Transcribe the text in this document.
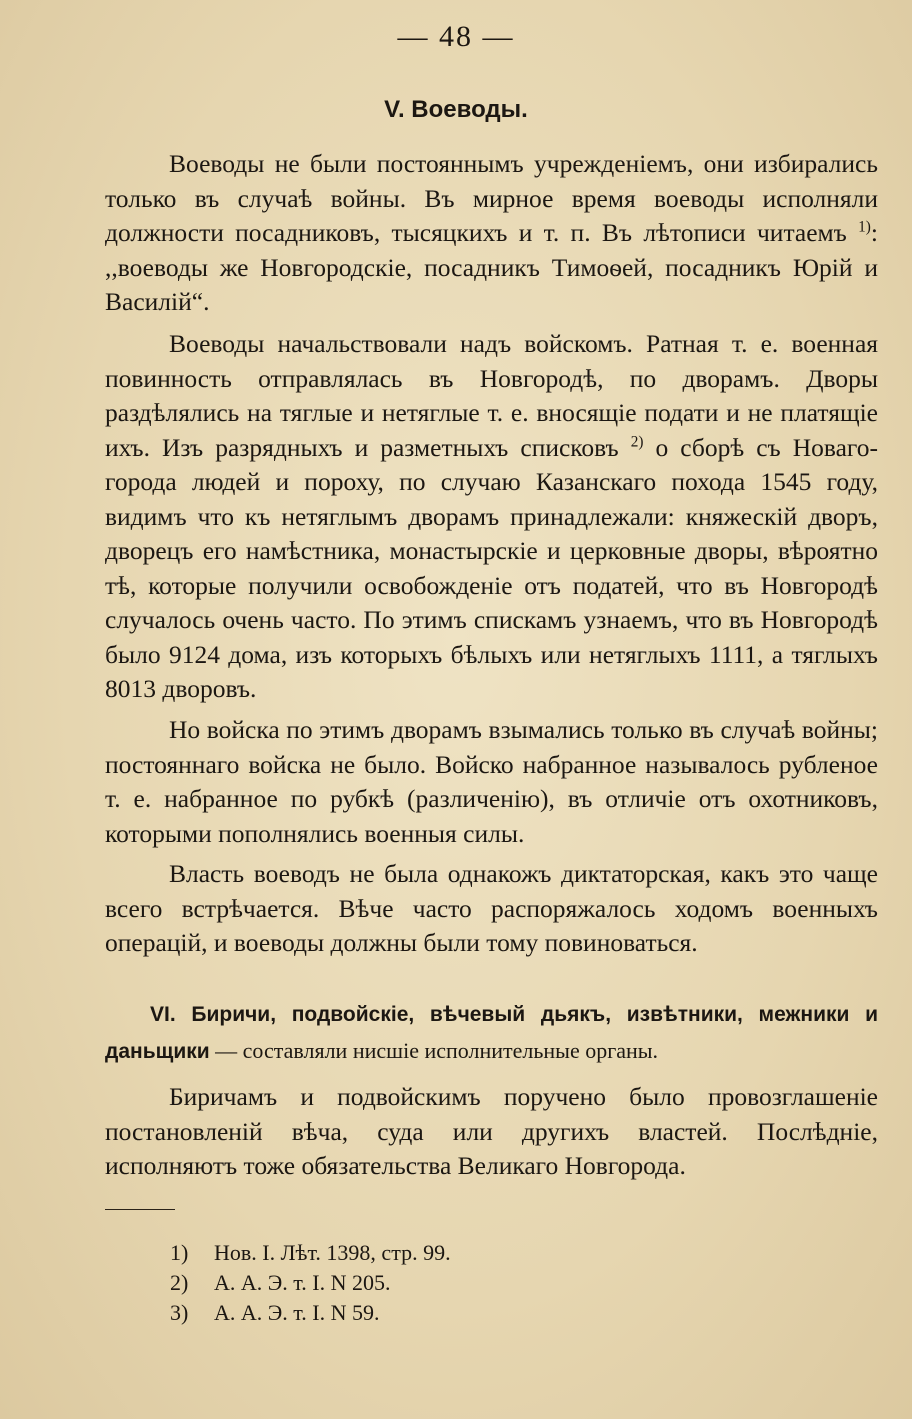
— 48 —
V. Воеводы.

Воеводы не были постояннымъ учрежденіемъ, они избирались только въ случаѣ войны. Въ мирное время воеводы исполняли должности посадниковъ, тысяцкихъ и т. п. Въ лѣтописи читаемъ $^{1)}$: ,,воеводы же Новгородскіе, посадникъ Тимоѳей, посадникъ Юрій и Василій“.

Воеводы начальствовали надъ войскомъ. Ратная т. е. военная повинность отправлялась въ Новгородѣ, по дворамъ. Дворы раздѣлялись на тяглые и нетяглые т. е. вносящіе подати и не платящіе ихъ. Изъ разрядныхъ и разметныхъ списковъ $^{2)}$ о сборѣ съ Новаго-города людей и пороху, по случаю Казанскаго похода 1545 году, видимъ что къ нетяглымъ дворамъ принадлежали: княжескій дворъ, дворецъ его намѣстника, монастырскіе и церковные дворы, вѣроятно тѣ, которые получили освобожденіе отъ податей, что въ Новгородѣ случалось очень часто. По этимъ спискамъ узнаемъ, что въ Новгородѣ было 9124 дома, изъ которыхъ бѣлыхъ или нетяглыхъ 1111, а тяглыхъ 8013 дворовъ.

Но войска по этимъ дворамъ взымались только въ случаѣ войны; постояннаго войска не было. Войско набранное называлось рубленое т. е. набранное по рубкѣ (различенію), въ отличіе отъ охотниковъ, которыми пополнялись военныя силы.

Власть воеводъ не была однакожъ диктаторская, какъ это чаще всего встрѣчается. Вѣче часто распоряжалось ходомъ военныхъ операцій, и воеводы должны были тому повиноваться.

VI. Биричи, подвойскіе, вѣчевый дьякъ, извѣтники, межники и даньщики — составляли нисшіе исполнительные органы.

Биричамъ и подвойскимъ поручено было провозглашеніе постановленій вѣча, суда или другихъ властей. Послѣдніе, исполняютъ тоже обязательства Великаго Новгорода.

1)	Нов. I. Лѣт. 1398, стр. 99.
2)	А. А. Э. т. I. N 205.
3)	А. А. Э. т. I. N 59.
